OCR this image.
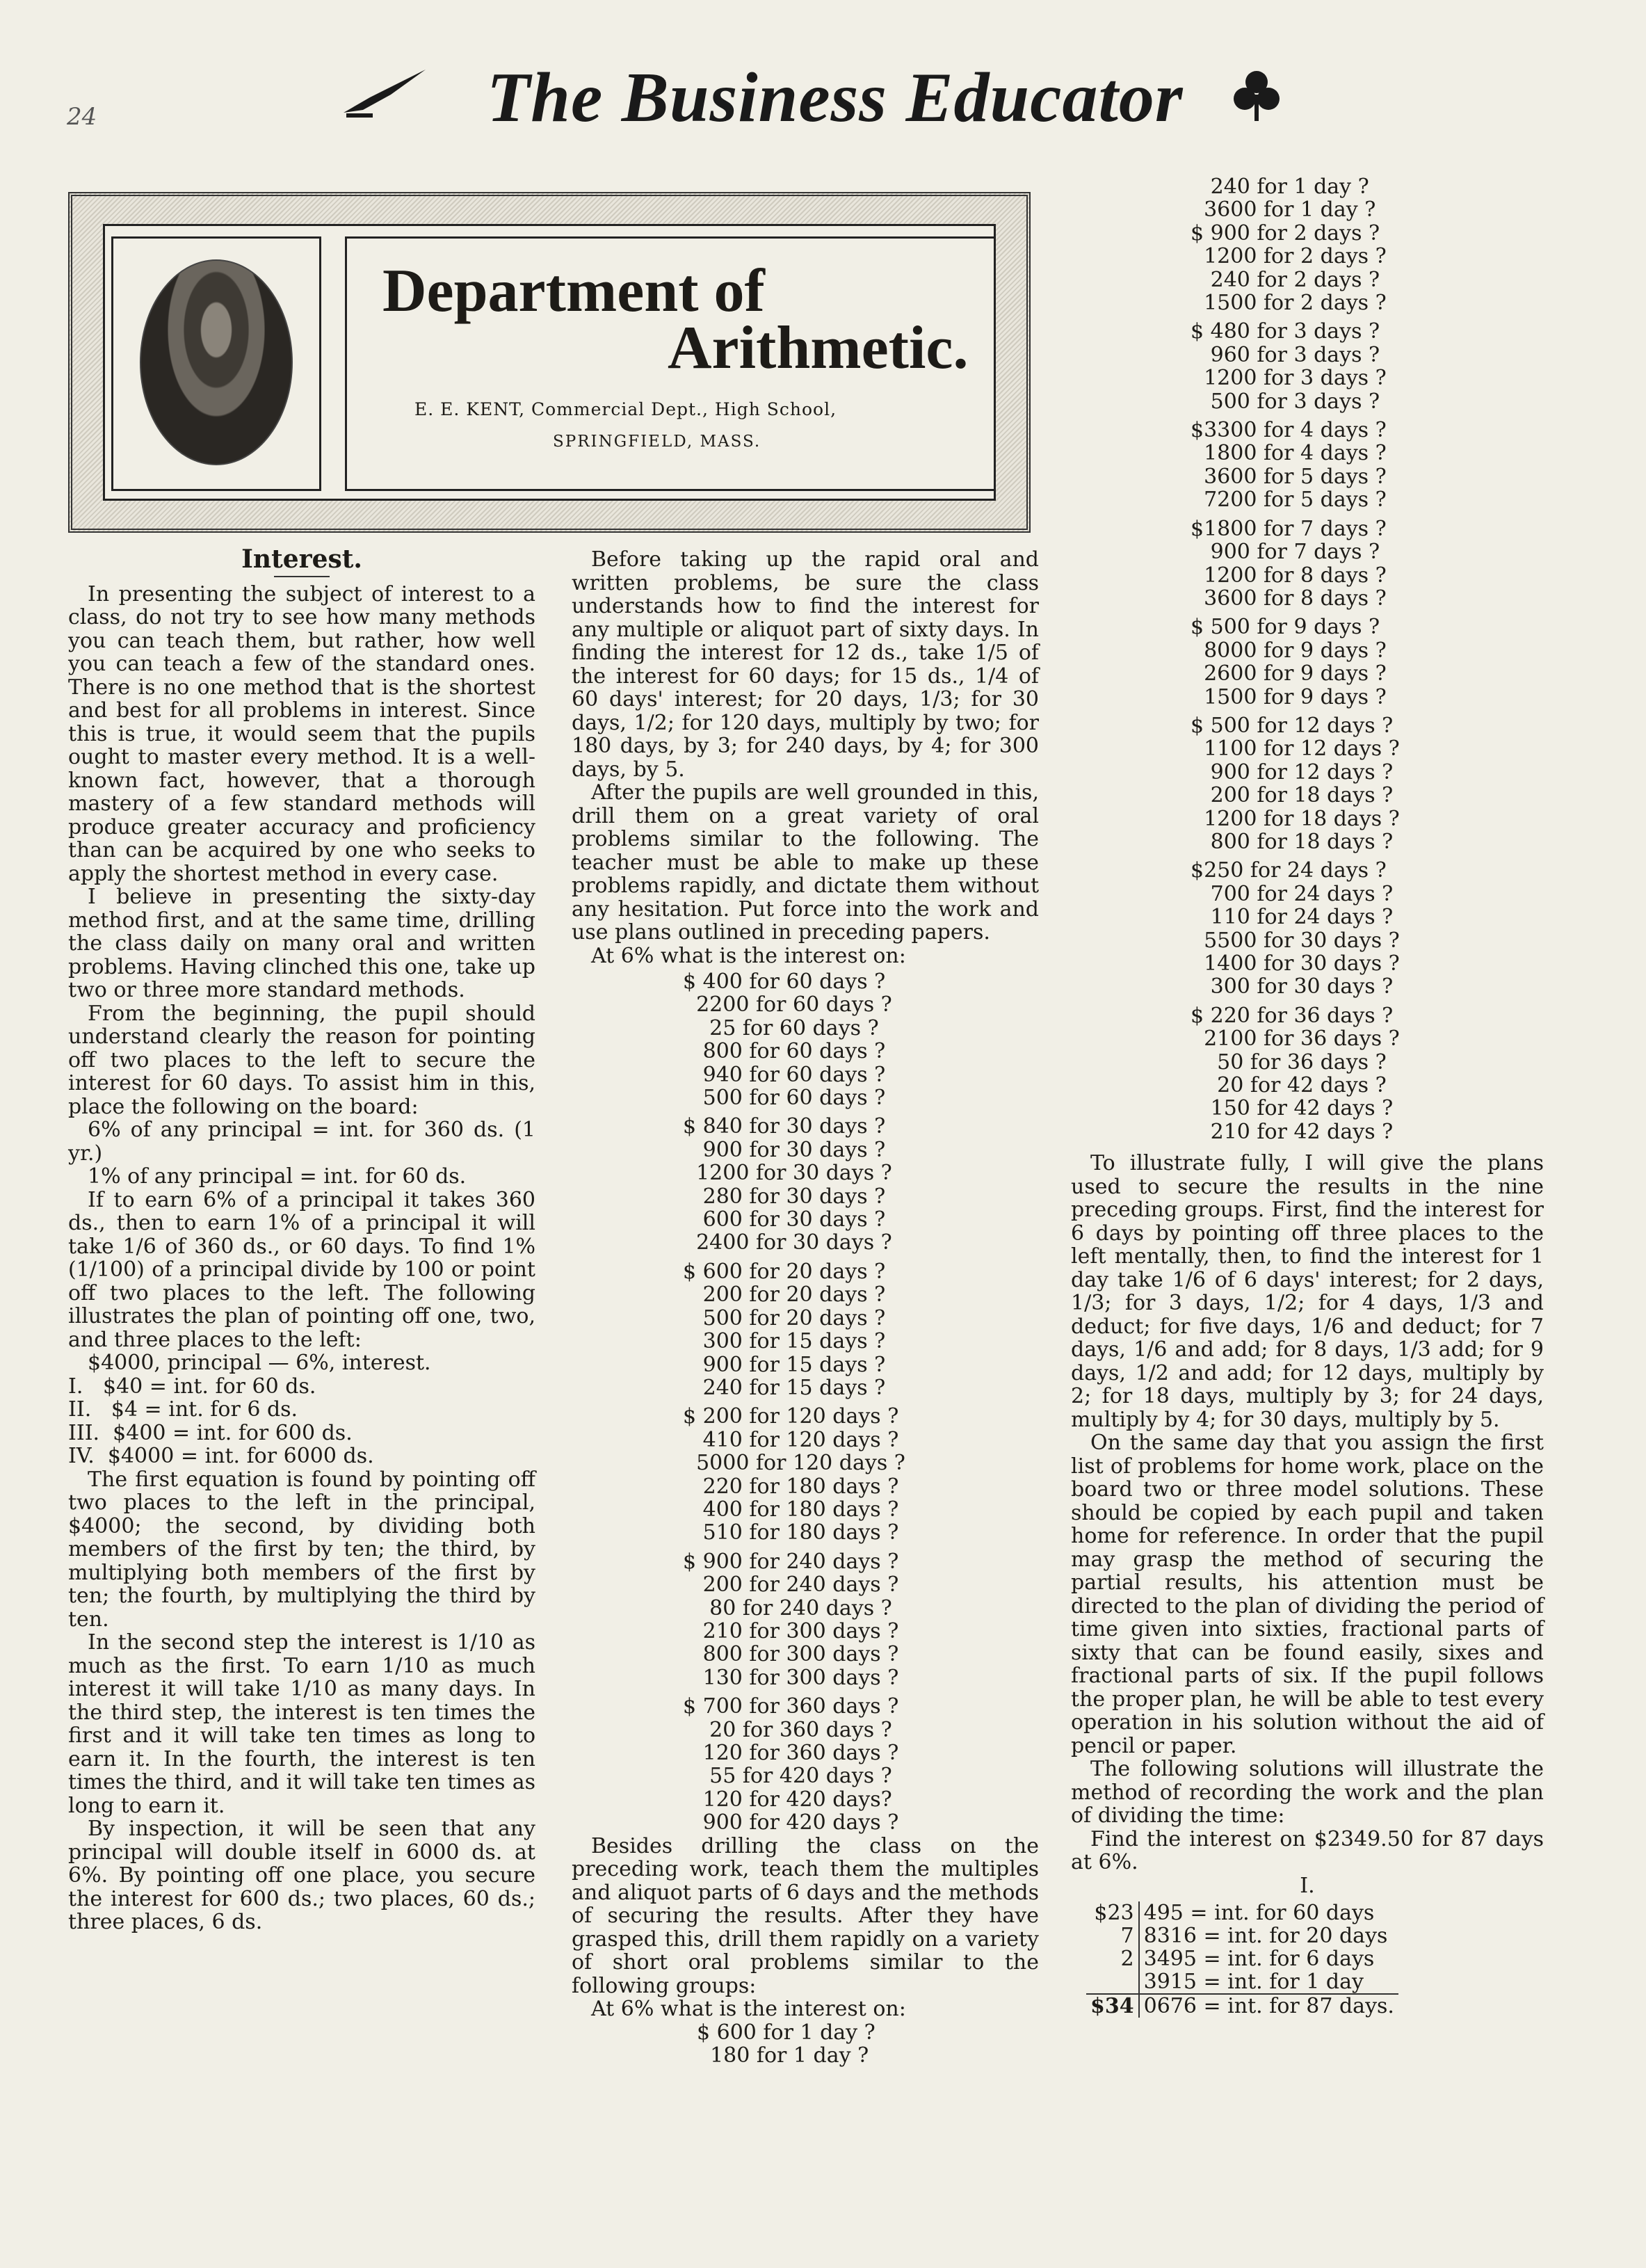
24	The Business Educator
Department of
Arithmetic.
E. E. KENT, Commercial Dept., High School,
SPRINGFIELD, MASS.

Interest.

In presenting the subject of interest to a class, do not try to see how many methods you can teach them, but rather, how well you can teach a few of the standard ones. There is no one method that is the shortest and best for all problems in interest. Since this is true, it would seem that the pupils ought to master every method. It is a well-known fact, however, that a thorough mastery of a few standard methods will produce greater accuracy and proficiency than can be acquired by one who seeks to apply the shortest method in every case.

I believe in presenting the sixty-day method first, and at the same time, drilling the class daily on many oral and written problems. Having clinched this one, take up two or three more standard methods.

From the beginning, the pupil should understand clearly the reason for pointing off two places to the left to secure the interest for 60 days. To assist him in this, place the following on the board:

6% of any principal = int. for 360 ds. (1 yr.)

1% of any principal = int. for 60 ds.

If to earn 6% of a principal it takes 360 ds., then to earn 1% of a principal it will take 1/6 of 360 ds., or 60 days. To find 1% (1/100) of a principal divide by 100 or point off two places to the left. The following illustrates the plan of pointing off one, two, and three places to the left:

$4000, principal — 6%, interest.

I.   $40 = int. for 60 ds.

II.   $4 = int. for 6 ds.

III.  $400 = int. for 600 ds.

IV.  $4000 = int. for 6000 ds.

The first equation is found by pointing off two places to the left in the principal, $4000; the second, by dividing both members of the first by ten; the third, by multiplying both members of the first by ten; the fourth, by multiplying the third by ten.

In the second step the interest is 1/10 as much as the first. To earn 1/10 as much interest it will take 1/10 as many days. In the third step, the interest is ten times the first and it will take ten times as long to earn it. In the fourth, the interest is ten times the third, and it will take ten times as long to earn it.

By inspection, it will be seen that any principal will double itself in 6000 ds. at 6%. By pointing off one place, you secure the interest for 600 ds.; two places, 60 ds.; three places, 6 ds.

Before taking up the rapid oral and written problems, be sure the class understands how to find the interest for any multiple or aliquot part of sixty days. In finding the interest for 12 ds., take 1/5 of the interest for 60 days; for 15 ds., 1/4 of 60 days' interest; for 20 days, 1/3; for 30 days, 1/2; for 120 days, multiply by two; for 180 days, by 3; for 240 days, by 4; for 300 days, by 5.

After the pupils are well grounded in this, drill them on a great variety of oral problems similar to the following. The teacher must be able to make up these problems rapidly, and dictate them without any hesitation. Put force into the work and use plans outlined in preceding papers.

At 6% what is the interest on:

$ 400 for 60 days ?
2200 for 60 days ?
25 for 60 days ?
800 for 60 days ?
940 for 60 days ?
500 for 60 days ?
$ 840 for 30 days ?
900 for 30 days ?
1200 for 30 days ?
280 for 30 days ?
600 for 30 days ?
2400 for 30 days ?
$ 600 for 20 days ?
200 for 20 days ?
500 for 20 days ?
300 for 15 days ?
900 for 15 days ?
240 for 15 days ?
$ 200 for 120 days ?
410 for 120 days ?
5000 for 120 days ?
220 for 180 days ?
400 for 180 days ?
510 for 180 days ?
$ 900 for 240 days ?
200 for 240 days ?
80 for 240 days ?
210 for 300 days ?
800 for 300 days ?
130 for 300 days ?
$ 700 for 360 days ?
20 for 360 days ?
120 for 360 days ?
55 for 420 days ?
120 for 420 days?
900 for 420 days ?

Besides drilling the class on the preceding work, teach them the multiples and aliquot parts of 6 days and the methods of securing the results. After they have grasped this, drill them rapidly on a variety of short oral problems similar to the following groups:

At 6% what is the interest on:

$ 600 for 1 day ?
180 for 1 day ?
240 for 1 day ?
3600 for 1 day ?
$ 900 for 2 days ?
1200 for 2 days ?
240 for 2 days ?
1500 for 2 days ?
$ 480 for 3 days ?
960 for 3 days ?
1200 for 3 days ?
500 for 3 days ?
$3300 for 4 days ?
1800 for 4 days ?
3600 for 5 days ?
7200 for 5 days ?
$1800 for 7 days ?
900 for 7 days ?
1200 for 8 days ?
3600 for 8 days ?
$ 500 for 9 days ?
8000 for 9 days ?
2600 for 9 days ?
1500 for 9 days ?
$ 500 for 12 days ?
1100 for 12 days ?
900 for 12 days ?
200 for 18 days ?
1200 for 18 days ?
800 for 18 days ?
$250 for 24 days ?
700 for 24 days ?
110 for 24 days ?
5500 for 30 days ?
1400 for 30 days ?
300 for 30 days ?
$ 220 for 36 days ?
2100 for 36 days ?
50 for 36 days ?
20 for 42 days ?
150 for 42 days ?
210 for 42 days ?

To illustrate fully, I will give the plans used to secure the results in the nine preceding groups. First, find the interest for 6 days by pointing off three places to the left mentally, then, to find the interest for 1 day take 1/6 of 6 days' interest; for 2 days, 1/3; for 3 days, 1/2; for 4 days, 1/3 and deduct; for five days, 1/6 and deduct; for 7 days, 1/6 and add; for 8 days, 1/3 add; for 9 days, 1/2 and add; for 12 days, multiply by 2; for 18 days, multiply by 3; for 24 days, multiply by 4; for 30 days, multiply by 5.

On the same day that you assign the first list of problems for home work, place on the board two or three model solutions. These should be copied by each pupil and taken home for reference. In order that the pupil may grasp the method of securing the partial results, his attention must be directed to the plan of dividing the period of time given into sixties, fractional parts of sixty that can be found easily, sixes and fractional parts of six. If the pupil follows the proper plan, he will be able to test every operation in his solution without the aid of pencil or paper.

The following solutions will illustrate the method of recording the work and the plan of dividing the time:

Find the interest on $2349.50 for 87 days at 6%.

I.
$23	495 = int. for 60 days
7	8316 = int. for 20 days
2	3495 = int. for 6 days
	3915 = int. for 1 day
$34	0676 = int. for 87 days.
